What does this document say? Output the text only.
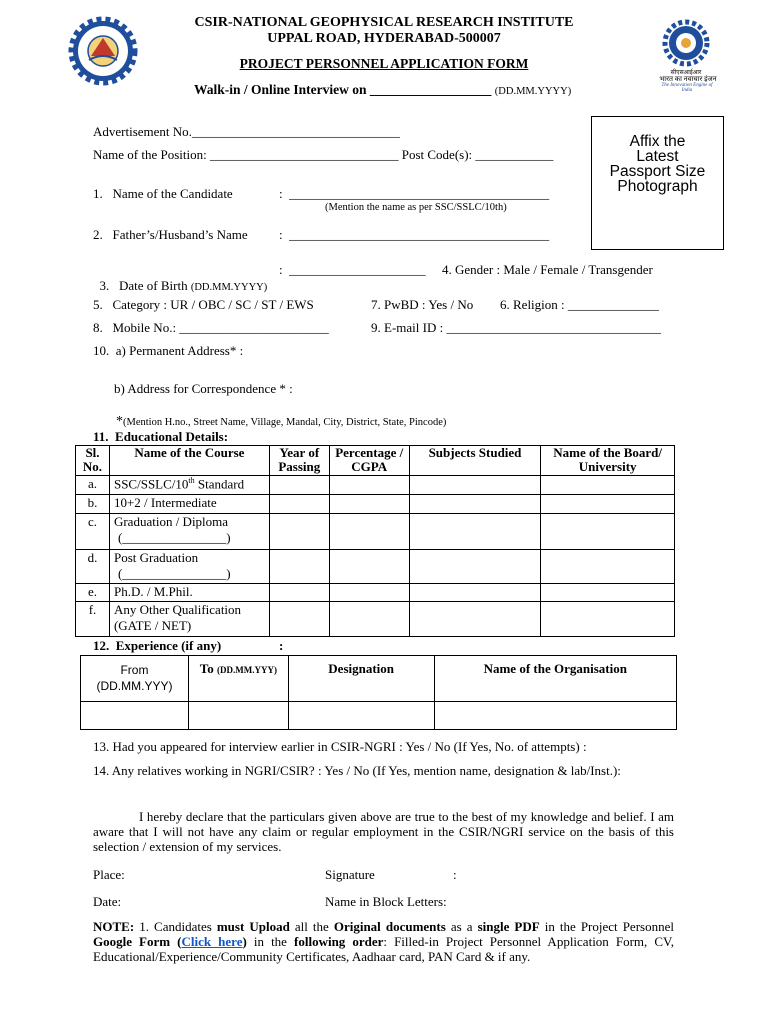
सीएसआईआर
भारत का नवाचार इंजन
The Innovation Engine of India
CSIR-NATIONAL GEOPHYSICAL RESEARCH INSTITUTE
UPPAL ROAD, HYDERABAD-500007
PROJECT PERSONNEL APPLICATION FORM
Walk-in / Online Interview on __________________ (DD.MM.YYYY)
Affix the
Latest
Passport Size
Photograph
Advertisement No.________________________________
Name of the Position: _____________________________ Post Code(s): ____________
1.   Name of the Candidate	:  ________________________________________
(Mention the name as per SSC/SSLC/10th)
2.   Father’s/Husband’s Name :  ________________________________________

3.   Date of Birth (DD.MM.YYYY)

:  _____________________ 4. Gender : Male / Female / Transgender
5.   Category : UR / OBC / SC / ST / EWS	7. PwBD : Yes / No 6. Religion : ______________
8.   Mobile No.: _______________________	9. E-mail ID : _________________________________
10.  a) Permanent Address* :
b) Address for Correspondence * :
*(Mention H.no., Street Name, Village, Mandal, City, District, State, Pincode)
11.  Educational Details:
Sl. No.	Name of the Course	Year of Passing	Percentage / CGPA	Subjects Studied	Name of the Board/ University
a.	SSC/SSLC/10th Standard				
b.	10+2 / Intermediate				
c.	Graduation / Diploma
(________________)				

d.	Post Graduation
(________________)				

e.	Ph.D. / M.Phil.				
f.	Any Other Qualification
(GATE / NET)				

12.  Experience (if any)	:
From
(DD.MM.YYY)	To (DD.MM.YYY)	Designation	Name of the Organisation

13. Had you appeared for interview earlier in CSIR-NGRI : Yes / No (If Yes, No. of attempts) :
14. Any relatives working in NGRI/CSIR? : Yes / No (If Yes, mention name, designation & lab/Inst.):
I hereby declare that the particulars given above are true to the best of my knowledge and belief. I am aware that I will not have any claim or regular employment in the CSIR/NGRI service on the basis of this selection / extension of my services.
Place:	Signature	:
Date:	Name in Block Letters:
NOTE: 1. Candidates must Upload all the Original documents as a single PDF in the Project Personnel Google Form (Click here) in the following order: Filled-in Project Personnel Application Form, CV, Educational/Experience/Community Certificates, Aadhaar card, PAN Card & if any.
